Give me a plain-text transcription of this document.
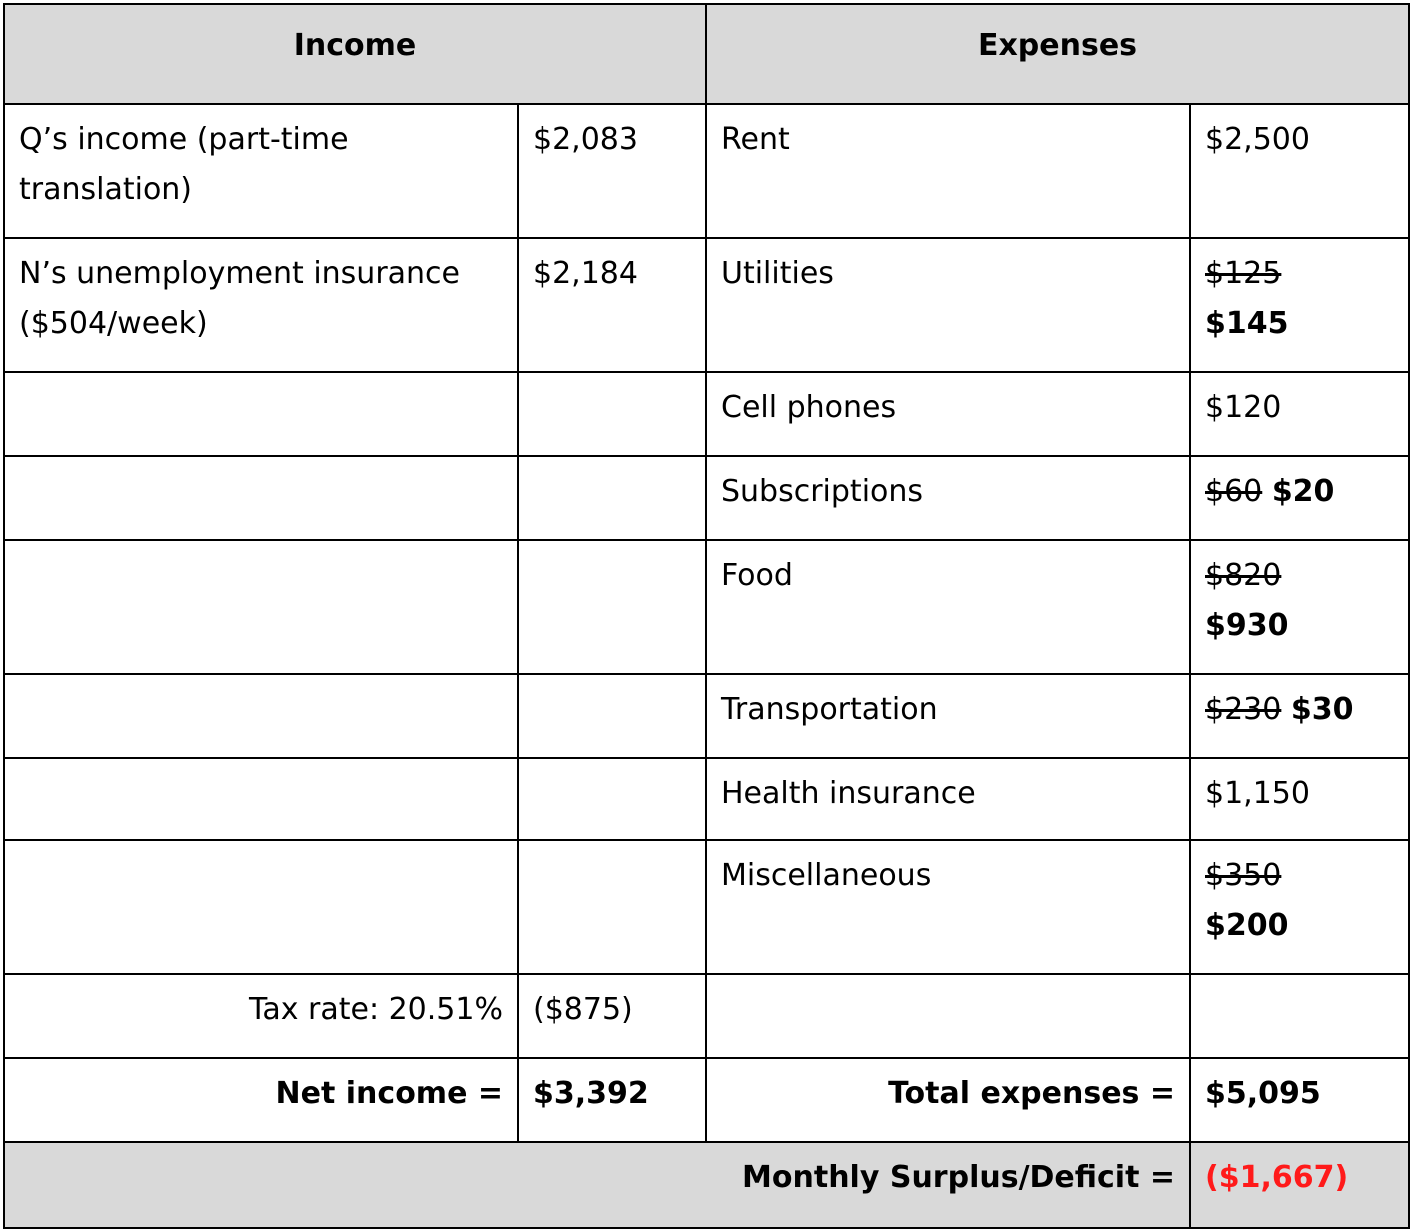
Income		Expenses	

Q’s income (part-time translation)	$2,083	Rent	$2,500

N’s unemployment insurance ($504/week)	$2,184	Utilities	$125
$145

		Cell phones	$120

		Subscriptions	$60 $20

		Food	$820
$930

		Transportation	$230 $30

		Health insurance	$1,150

		Miscellaneous	$350
$200

Tax rate: 20.51%	($875)		

Net income =	$3,392	Total expenses =	$5,095

Monthly Surplus/Deficit =			($1,667)
